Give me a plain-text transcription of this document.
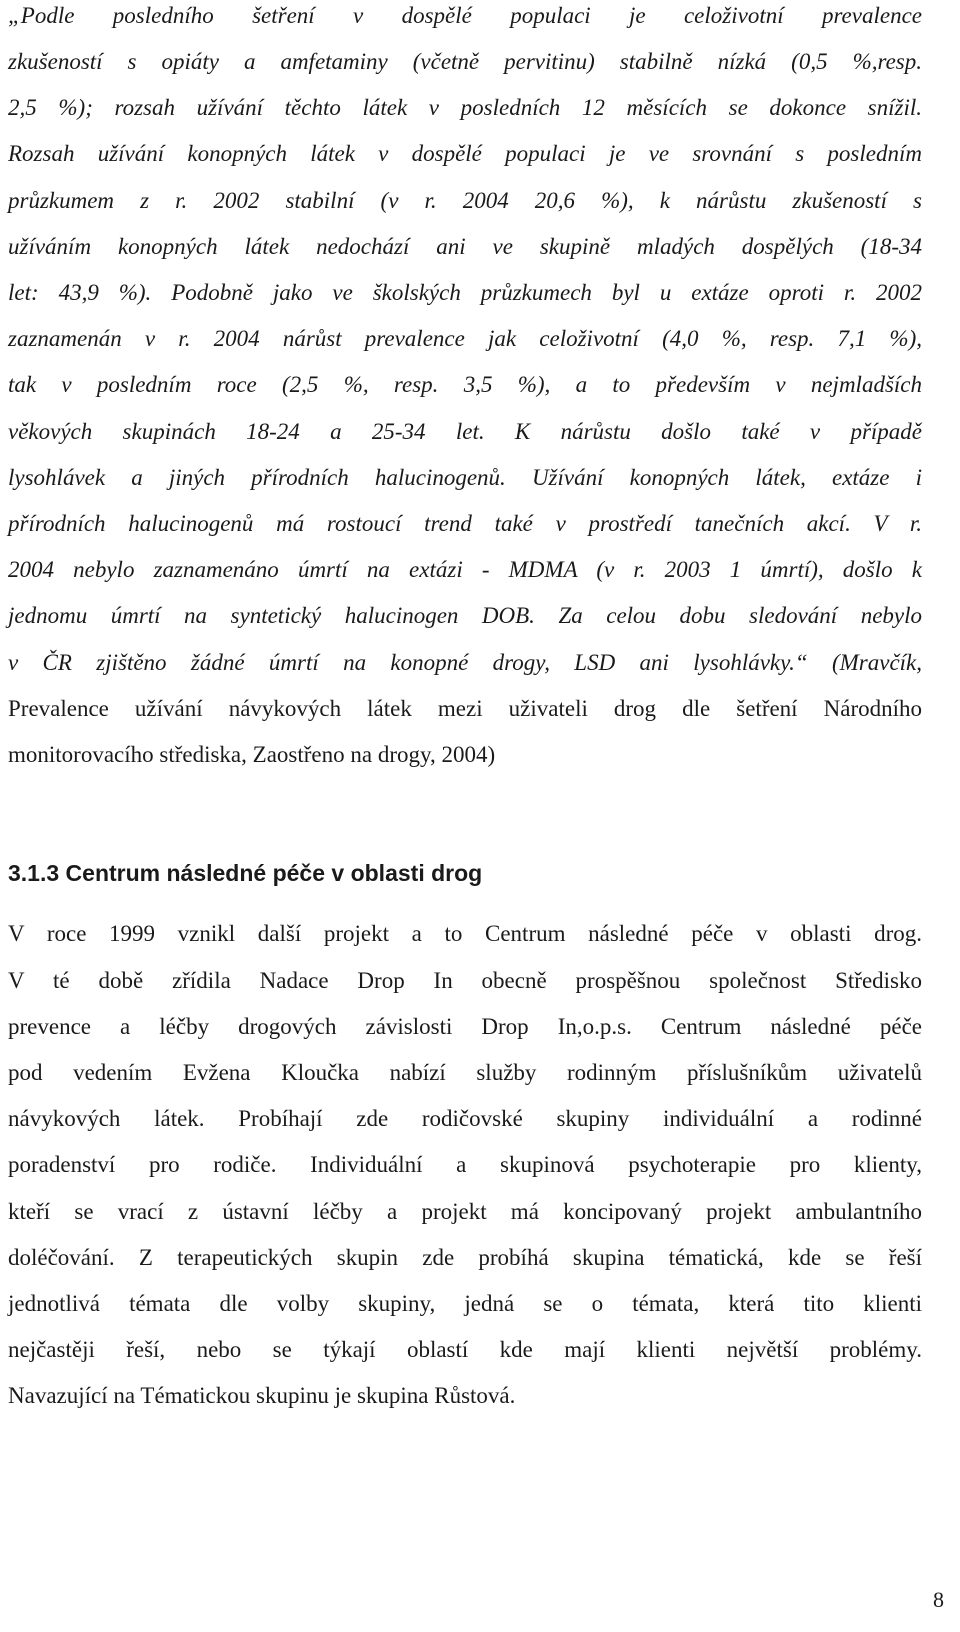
„Podle posledního šetření v dospělé populaci je celoživotní prevalence
zkušeností s opiáty a amfetaminy (včetně pervitinu) stabilně nízká (0,5 %,resp.
2,5 %); rozsah užívání těchto látek v posledních 12 měsících se dokonce snížil.
Rozsah užívání konopných látek v dospělé populaci je ve srovnání s posledním
průzkumem z r. 2002 stabilní (v r. 2004 20,6 %), k nárůstu zkušeností s
užíváním konopných látek nedochází ani ve skupině mladých dospělých (18-34
let: 43,9 %). Podobně jako ve školských průzkumech byl u extáze oproti r. 2002
zaznamenán v r. 2004 nárůst prevalence jak celoživotní (4,0 %, resp. 7,1 %),
tak v posledním roce (2,5 %, resp. 3,5 %), a to především v nejmladších
věkových skupinách 18-24 a 25-34 let. K nárůstu došlo také v případě
lysohlávek a jiných přírodních halucinogenů. Užívání konopných látek, extáze i
přírodních halucinogenů má rostoucí trend také v prostředí tanečních akcí. V r.
2004 nebylo zaznamenáno úmrtí na extázi - MDMA (v r. 2003 1 úmrtí), došlo k
jednomu úmrtí na syntetický halucinogen DOB. Za celou dobu sledování nebylo
v ČR zjištěno žádné úmrtí na konopné drogy, LSD ani lysohlávky.“ (Mravčík,
Prevalence užívání návykových látek mezi uživateli drog dle šetření Národního
monitorovacího střediska, Zaostřeno na drogy, 2004)
3.1.3 Centrum následné péče v oblasti drog
V roce 1999 vznikl další projekt a to Centrum následné péče v oblasti drog.
V té době zřídila Nadace Drop In obecně prospěšnou společnost Středisko
prevence a léčby drogových závislosti Drop In,o.p.s. Centrum následné péče
pod vedením Evžena Kloučka nabízí služby rodinným příslušníkům uživatelů
návykových látek. Probíhají zde rodičovské skupiny individuální a rodinné
poradenství pro rodiče. Individuální a skupinová psychoterapie pro klienty,
kteří se vrací z ústavní léčby a projekt má koncipovaný projekt ambulantního
doléčování. Z terapeutických skupin zde probíhá skupina tématická, kde se řeší
jednotlivá témata dle volby skupiny, jedná se o témata, která tito klienti
nejčastěji řeší, nebo se týkají oblastí kde mají klienti největší problémy.
Navazující na Tématickou skupinu je skupina Růstová.
8
